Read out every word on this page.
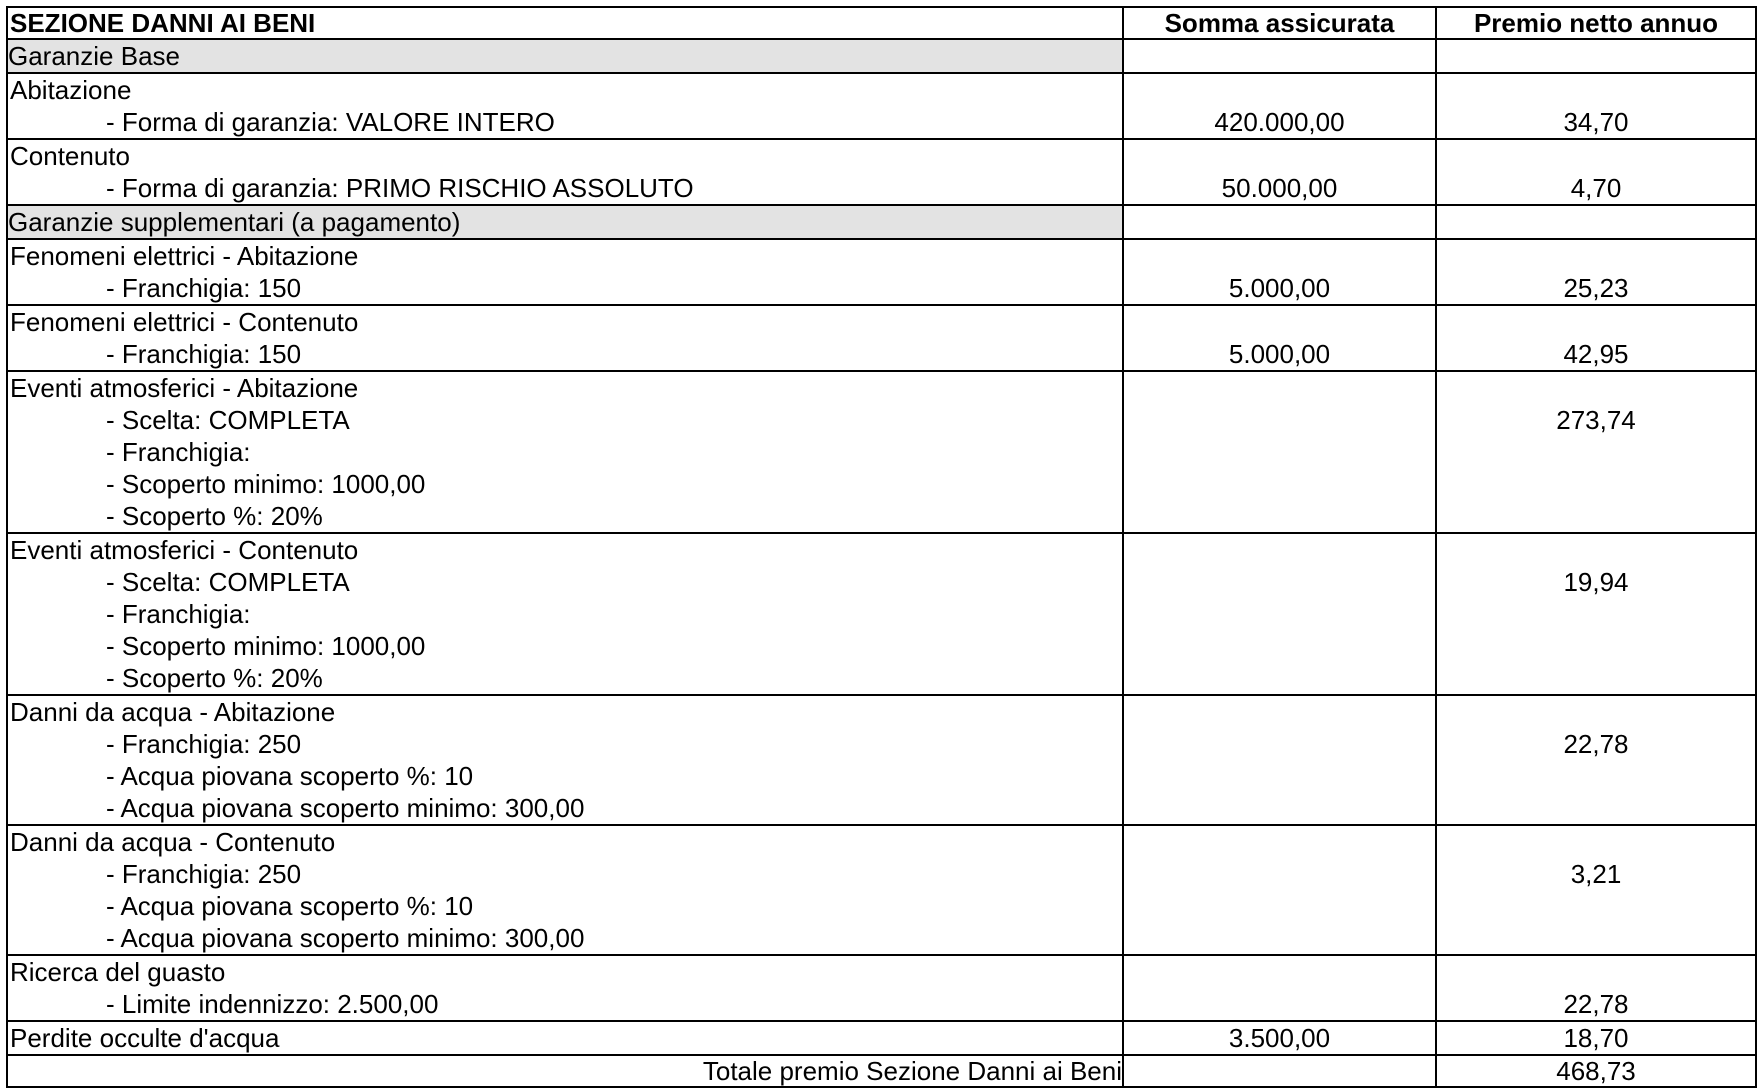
SEZIONE DANNI AI BENI	Somma assicurata	Premio netto annuo
Garanzie Base		

Abitazione
- Forma di garanzia: VALORE INTERO	420.000,00	34,70

Contenuto
- Forma di garanzia: PRIMO RISCHIO ASSOLUTO	50.000,00	4,70

Garanzie supplementari (a pagamento)		

Fenomeni elettrici - Abitazione
- Franchigia: 150	5.000,00	25,23

Fenomeni elettrici - Contenuto
- Franchigia: 150	5.000,00	42,95

Eventi atmosferici - Abitazione
- Scelta: COMPLETA
- Franchigia:
- Scoperto minimo: 1000,00
- Scoperto %: 20%		273,74

Eventi atmosferici - Contenuto
- Scelta: COMPLETA
- Franchigia:
- Scoperto minimo: 1000,00
- Scoperto %: 20%		19,94

Danni da acqua - Abitazione
- Franchigia: 250
- Acqua piovana scoperto %: 10
- Acqua piovana scoperto minimo: 300,00		22,78

Danni da acqua - Contenuto
- Franchigia: 250
- Acqua piovana scoperto %: 10
- Acqua piovana scoperto minimo: 300,00		3,21

Ricerca del guasto
- Limite indennizzo: 2.500,00		22,78

Perdite occulte d'acqua	3.500,00	18,70

Totale premio Sezione Danni ai Beni		468,73
